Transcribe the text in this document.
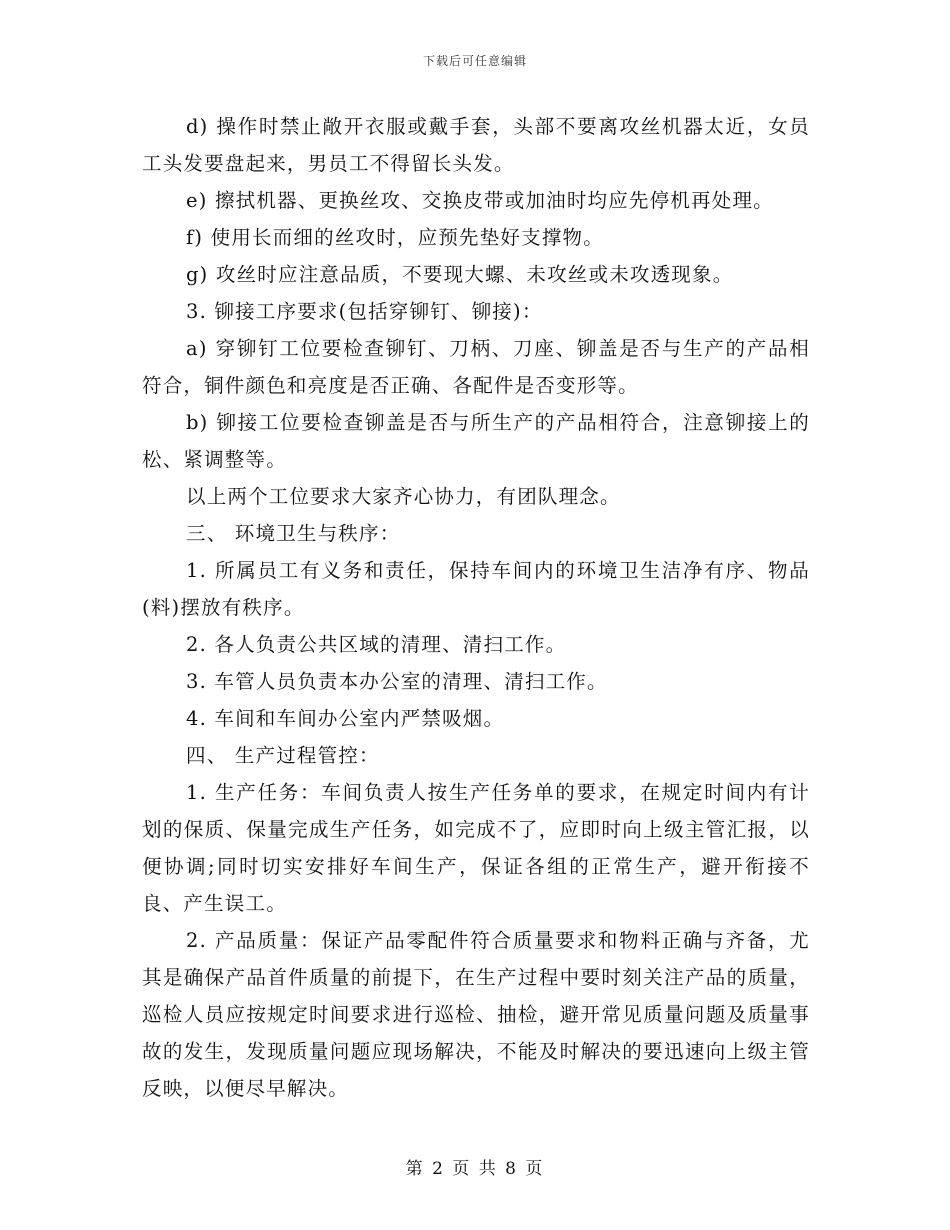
下载后可任意编辑

d) 操作时禁止敞开衣服或戴手套，头部不要离攻丝机器太近，女员工头发要盘起来，男员工不得留长头发。

e) 擦拭机器、更换丝攻、交换皮带或加油时均应先停机再处理。

f) 使用长而细的丝攻时，应预先垫好支撑物。

g) 攻丝时应注意品质，不要现大螺、未攻丝或未攻透现象。

3. 铆接工序要求(包括穿铆钉、铆接)：

a) 穿铆钉工位要检查铆钉、刀柄、刀座、铆盖是否与生产的产品相符合，铜件颜色和亮度是否正确、各配件是否变形等。

b) 铆接工位要检查铆盖是否与所生产的产品相符合，注意铆接上的松、紧调整等。

以上两个工位要求大家齐心协力，有团队理念。

三、 环境卫生与秩序：

1. 所属员工有义务和责任，保持车间内的环境卫生洁净有序、物品(料)摆放有秩序。

2. 各人负责公共区域的清理、清扫工作。

3. 车管人员负责本办公室的清理、清扫工作。

4. 车间和车间办公室内严禁吸烟。

四、 生产过程管控：

1. 生产任务：车间负责人按生产任务单的要求，在规定时间内有计划的保质、保量完成生产任务，如完成不了，应即时向上级主管汇报，以便协调;同时切实安排好车间生产，保证各组的正常生产，避开衔接不良、产生误工。

2. 产品质量：保证产品零配件符合质量要求和物料正确与齐备，尤其是确保产品首件质量的前提下，在生产过程中要时刻关注产品的质量，巡检人员应按规定时间要求进行巡检、抽检，避开常见质量问题及质量事故的发生，发现质量问题应现场解决，不能及时解决的要迅速向上级主管反映，以便尽早解决。

第 2 页 共 8 页
